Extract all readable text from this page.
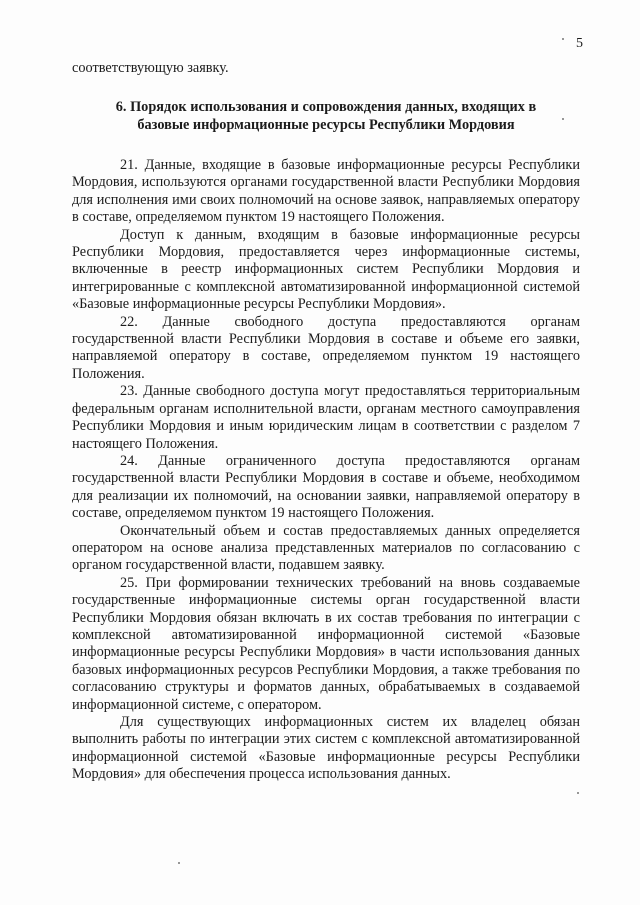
5

соответствующую заявку.

6. Порядок использования и сопровождения данных, входящих в базовые информационные ресурсы Республики Мордовия

21. Данные, входящие в базовые информационные ресурсы Республики Мордовия, используются органами государственной власти Республики Мордовия для исполнения ими своих полномочий на основе заявок, направляемых оператору в составе, определяемом пунктом 19 настоящего Положения.

Доступ к данным, входящим в базовые информационные ресурсы Республики Мордовия, предоставляется через информационные системы, включенные в реестр информационных систем Республики Мордовия и интегрированные с комплексной автоматизированной информационной системой «Базовые информационные ресурсы Республики Мордовия».

22. Данные свободного доступа предоставляются органам государственной власти Республики Мордовия в составе и объеме его заявки, направляемой оператору в составе, определяемом пунктом 19 настоящего Положения.

23. Данные свободного доступа могут предоставляться территориальным федеральным органам исполнительной власти, органам местного самоуправления Республики Мордовия и иным юридическим лицам в соответствии с разделом 7 настоящего Положения.

24. Данные ограниченного доступа предоставляются органам государственной власти Республики Мордовия в составе и объеме, необходимом для реализации их полномочий, на основании заявки, направляемой оператору в составе, определяемом пунктом 19 настоящего Положения.

Окончательный объем и состав предоставляемых данных определяется оператором на основе анализа представленных материалов по согласованию с органом государственной власти, подавшем заявку.

25. При формировании технических требований на вновь создаваемые государственные информационные системы орган государственной власти Республики Мордовия обязан включать в их состав требования по интеграции с комплексной автоматизированной информационной системой «Базовые информационные ресурсы Республики Мордовия» в части использования данных базовых информационных ресурсов Республики Мордовия, а также требования по согласованию структуры и форматов данных, обрабатываемых в создаваемой информационной системе, с оператором.

Для существующих информационных систем их владелец обязан выполнить работы по интеграции этих систем с комплексной автоматизированной информационной системой «Базовые информационные ресурсы Республики Мордовия» для обеспечения процесса использования данных.
